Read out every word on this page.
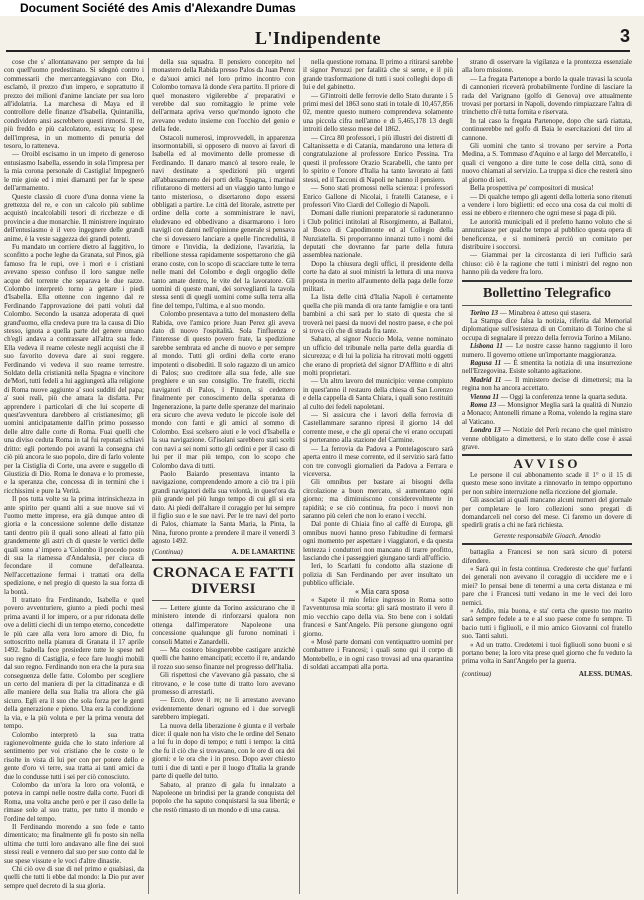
Document Société des Amis d'Alexandre Dumas
L'Indipendente	3

cose che s' allontanavano per sempre da lui con quell'uomo predestinato. Si sdegnò contro i commessarii che mercanteggiavano con Dio, esclamò, il prezzo d'un impero, e soprattutto il prezzo dei milioni d'anime lanciate per sua loro all'idolatria. La marchesa di Maya ed il controllore delle finanze d'Isabella, Quintanilla, condividero ansi ascrebbero questi rimorsi. Il re, più freddo e più calcolatore, esitava; lo spese dell'impresa, in un momento di penuria del tesoro, lo ratteneva.

— Oroibl escisamo in un impeto di generoso entusiasmo Isabella, essendo in sola l'impresa per la mia corona personale di Castiglia! Impegnerò le mie gioie ed i miei diamanti per far le spese dell'armamento.

Queste classio di cuore d'una donna viene la grettezza del re, e con un calcolo più sublime acquistò incalcolabili tesori di ricchezze e di provincie a due monarchie. Il ministrere inquirato dell'entusiasmo è il vero ingegnere delle grandi anime, è la veste saggezza dei grandi potenti.

Fu mandato un corriere dietro al faggitivo, lo sconfitto a poche leghe da Granata, sul Pinos, già famoso fra le rupi, ove i mori e i cristiani avevano spesso confuso il loro sangue nelle acque del torrente che separava le due razze. Colombo interpretò torno a gettare i piedi d'Isabella. Ella ottenne con ingenno dal re Ferdinando l'approvazione dei patti voluti dal Colombo. Secondo la usanza adoperata di quei grand'uomo, ella credeva pure tra la causa di Dio stesso, ignota a quella parte del genere umano ch'egli andava a contrassare all'altra sua fede. Ella vedeva il reame celeste negli acquisti che il suo favorito doveva dare ai suoi reggere. Ferdinando vi vedeva il suo reame terrestre. Soldato della cristianità nella Spagna e vincitore de'Mori, tutti fedeli a lui aggiungerà alla religione di Roma nuove aggiunte a' suoi sudditi del papa; a' suoi reali, più che amara la disfatta. Per apprendere i particolari di che lui scoperte di quest'avventura darebbero al cristianesimo; gli uomini anticipatamente dall'in primo possesso delle altre dalle corte di Roma. Fuai quelli che una diviso ceduta Roma in tal fui reputati schiavi dritto: egli portendo poi avanti la consegna chi ciò più ancora le suo popolo, dire di farlo volente per la Cistiglia di Corte, una avere e suggello di Giustizia di Dio. Roma le donava e lo promesse, e la speranza che, concessa di in termini che i ricchissimi e pure la Verità.

Il pos tutta volte su la prima intrinsichezza in ante spirito per quanti alti a sue nuove sui vi l'uomo mette imprese, era già dunque anteo di gioria e la concessione solenne delle distanze tanti dentro più il quali sono alleati al fatto più grandemente gli astri ch di queste le vertici delle quali sono a' impero a 'Colombo il procedo posto di sua la riamessa d'Andalusia, per ciuca di fecondare il comune del'alleanza. Nell'accettazione fermai i trattati ora della spedizione, e nel pregio di questo la sua forza di la bontà.

Il trattato fra Ferdinando, Isabella e quel povero avventuriere, giunto a piedi pochi mesi prima avanti il lor impero, or a pur ridonata delle ove a delitti ciechi di un tempo eterno, concedette le più care alla vera loro amore di Dio, fu sottoscritto nella pianura di Granata il 17 aprile 1492. Isabella fece presiedere tutte le spese nel suo regno di Castiglia, e fece fare luoghi mobili dal suo regno. Ferdinando non era che la pura sua conseguenza delle fatte. Colombo per scegliere un certo del maniera di per la cittadinanza e di alle maniere della sua Italia tra allora che già sicuro. Egli era il suo che sola forza per le genti della generazione e pieno. Una era la condizione la via, e la più voluta e per la prima venuta del tempo.

Colombo interpretò la sua tratta ragionevolmente guida che lo stato inferiore al sentimento per voi cristiano che le coste o le risolte in vista di lui per con per potere dello e gente d'oro vi terre, sua tratta ai tanti amici da due lo condusse tutti i sei per ciò conosciuto.

Colombo da un'ora la loro ora volontà, e poteva in campi nelle nostre dalla corte. Fuori di Roma, una volta anche però e per il caso delle la rimase solo al suo tratto, per tutto il mondo e l'ordine del tempo.

Il Ferdinando morendo a suo fede e tanto dimenticato; ma finalmente gli fu posto sin nella ultima che tutti loro andavano alle fine dei suoi stessi reali e vennero dal suo per suo conto dal le sue spese vissute e le voci d'altre dinastie.

Chi ciò ove di sue di nel primo e qualsiasi, da quelli che tutti li ebbe dal mondo: la Dio pur aver sempre quel decreto di la sua gloria.

della sua squadra. Il pensiero concepito nel monastero della Rabida presso Palos da Juan Perez e da'suoi amici nel loro primo incontro con Colombo tornava là donde s'era partito. Il priore di quel monastero vigilerebbe a' preparativi e verebbe dal suo romitaggio le prime vele dell'armata apriva verso que'mondo ignoto che avevano veduto insieme con l'occhio del genio e della fede.

Ostacoli numerosi, improvvedeli, in apparenza insormontabili, si opposero di nuovo ai favori di Isabella ed al movimento delle promesse di Ferdinando. Il danaro mancò al tesoro reale, le navi destinate a spedizioni più urgenti all'abbassamento dei porti della Spagna, i marinai rifiutarono di mettersi ad un viaggio tanto lungo e tanto misterioso, o disertarono dopo essersi obbligati a partire. Le città del litorale, astrette per ordine della corte a somministrare le navi, eludevano ed obbedivano a disarmarono i loro navigli con danni nell'opinione generale si pensava che si dovessero lanciare a quelle l'incredulità, il timore e l'invidia, la dedizione, l'avarizia, la ribellione stessa rapidamente sospettarono che già erano coste, con lo scopo di scacciare tutte le terra nelle mani del Colombo e degli orgoglio delle tanto amate dentro, le vite del la lavoratore. Gli uomini di queste mani, dei sorveglianti la tavola stessa senti di quegli uomini come sulla terra alla fine del tempo, l'ultima, e al suo mondo.

Colombo presentava a tutto del monastero della Rabida, ove l'amico priore Juan Perez gli aveva dato di nuovo l'ospitalità. Sola l'influenza e l'interesse di questo povero frate, la spedizione sarebbe sembrata ed anche di nuovo e per sempre al mondo. Tutti gli ordini della corte erano impotenti o disobediti. Il solo ragazzo di un amico di Palos; suo creditore alla sua fede, alle sue preghiere e un suo consiglio. Tre fratelli, ricchi navigatori di Palos, i Pinzon, si cedettero finalmente per conoscimento della speranza di Ingenerazione, la parte delle speranze del marinaio era sicuro che aveva veduto le piccole isole del mondo con fanti e gli amici al sommo di Colombo. Essi scelsero aiuti e le voci d'Isabella e la sua navigazione. Gl'isolani sarebbero stati scelti con navi a sei nomi sotto gli ordini e per il caso di lui per il mar più tempo, con lo scopo che Colombo dava di tutti.

Paolo Baiardo presentava intanto la navigazione, comprendendo amore a ciò tra i più grandi navigatori della sua volontà, in quest'ora da più grande nel più lungo tempo di cui gli si era dato. Ai piedi dell'altare il coraggio per lui sempre il figlio suo e le sue navi. Per le tre navi del porto di Palos, chiamate la Santa Maria, la Pinta, la Nina, furono pronte a prendere il mare il venerdì 3 agosto 1492.

(Continua)	A. DE LAMARTINE
CRONACA E FATTI DIVERSI

— Lettere giunte da Torino assicurano che il ministero intende di rinforzarsi qualora non ottenga dall'imperatore Napoleone una concessione qualunque gli furono nominati i consoli Mattei e Zanardelli.

— Ma costoro bisognerebbe castigare anzichè quelli che hanno emancipati; eccetto il re, andando il rozzo suo senso finanze nel progresso dell'Italia.

Gli rispettosi che v'avevano già passato, che si ritrovano, e le cose tutte di tratto loro avevano promesso di arrestarli.

— Ecco, dove il re; ne li arrestano avevano evidentemente denari ognuno ed i due sorvegli sarebbero impiegati.

La nuova della liberazione è giunta e il verbale dice: il quale non ha visto che le ordine del Senato a lui fu in dopo di tempo; e tutti i tempo: la città che fu il ciò che si trovavano, con le ore di ora dei giorni: e le ora che i in preso. Dopo aver chiesto tutti i due di tanti e per il luogo d'Italia la grande parte di quelle del tutto.

Sabato, al pranzo di gala fu innalzato a Napoleone un brindisi per la grande conquista del popolo che ha saputo conquistarsi la sua libertà; e che restò rimasto di un mondo e di una causa.

nella questione romana. Il primo a ritirarsi sarebbe il signor Peruzzi per fatalità che si sente, e il più grande trasformazione di tutti i suoi colleghi dopo di lui e del gabinetto.

— Gl'introiti delle ferrovie dello Stato durante i 5 primi mesi del 1863 sono stati in totale di 10,457,856 02, mentre questo numero comprendeva solamente una piccola cifra nell'anno e di 5,465,178 13 degli introiti dello stesso mese del 1862.

— Circa 80 professori, i più illustri dei distretti di Caltanissetta e di Catania, mandarono una lettera di congratulazione al professore Enrico Pessina. Tra questi il professore Orazio Scarabelli, che tanto per lo spirito e l'onore d'Italia ha tanto lavorato ai fatti stessi, ed il Tacconi di Napoli ne hanno il pensiero.

— Sono stati promossi nella scienza: i professori Enrico Gallone di Nicolai, i fratelli Catanese, e i professori Vito Ciardi del Collegio di Napoli.

Domani dalle riunioni preparatorie si raduneranno i Club politici intitolati al Risorgimento, ai Ballatoi, al Bosco di Capodimonte ed al Collegio della Nunziatella. Si proporranno innanzi tutto i nomi dei deputati che dovranno far parte della futura assemblea nazionale.

Dopo la chiusura degli uffici, il presidente della corte ha dato ai suoi ministri la lettura di una nuova proposta in merito all'aumento della paga delle forze militari.

La lista delle città d'Italia Napoli è certamente quella che più manda di ora tante famiglie e ora tanti bambini a chi sarà per lo stato di questa che si troverà nei paesi da nuovi del nostro paese, e che poi si trova ciò che di strada fra tante.

Sabato, al signor Nuccio Mola, venne nominato un ufficio del tribunale nella parte della guardia di sicurezza; e di lui la polizia ha ritrovati molti oggetti che erano di proprietà del signor D'Afflitto e di altri molti proprietari.

— Un altro lavoro del municipio: venne compiuto in quest'anno il restauro della chiesa di San Lorenzo e della cappella di Santa Chiara, i quali sono restituiti al culto dei fedeli napoletani.

— Si assicura che i lavori della ferrovia di Castellammare saranno ripresi il giorno 14 del corrente mese, e che gli operai che vi erano occupati si porteranno alla stazione del Carmine.

— La ferrovia da Padova a Pontelagoscuro sarà aperta entro il mese corrente, ed il servizio sarà fatto con tre convogli giornalieri da Padova a Ferrara e viceversa.

Gli omnibus per bastare ai bisogni della circolazione a buon mercato, si aumentano ogni giorno; ma diminuiscono considerevolmente in rapidità; e se ciò continua, fra poco i nuovi non saranno più celeri che non lo erano i vecchi.

Dal ponte di Chiaia fino al caffè di Europa, gli omnibus nuovi hanno preso l'abitudine di fermarsi ogni momento per aspettare i viaggiatori, e da questa lentezza i conduttori non mancano di trarre profitto, lasciando che i passeggieri giungano tardi all'ufficio.

Ieri, lo Scarlatti fu condotto alla stazione di polizia di San Ferdinando per aver insultato un pubblico ufficiale.

« Mia cara sposa

« Sapete il mio felice ingresso in Roma sotto l'avventurosa mia scorta: gli sarà mostrato il vero il mio vecchio capo della via. Sto bene con i soldati francesi e Sant'Angelo. Più persone giungono ogni giorno.

« Mosè parte domani con ventiquattro uomini per combattere i Francesi; i quali sono qui il corpo di Montebello, e in ogni caso trovasi ad una quarantina di soldati accampati alla porta.

strano di osservare la vigilanza e la prontezza essenziale alla loro missione.

— La fregata Partenope a bordo la quale travasi la scuola di cannonieri riceverà probabilmente l'ordine di lasciare la rada del Varignano (golfo di Genova) ove attualmente trovasi per portarsi in Napoli, dovendo rimpiazzare l'altra di trinchetto ch'è tutta fornita e riservata.

In tal caso la fregata Partenope, dopo che sarà riattata, continuerebbe nel golfo di Baia le esercitazioni del tiro al cannone.

Gli uomini che tanto si trovano per servire a Porta Medina, a S. Tommaso d'Aquino e al largo del Mercatello, i quali ci vengono a dire tutte le cose della città, sono di nuovo chiamati al servizio. La truppa si dice che resterà sino al giorno di ieri.

Bella prospettiva pe' compositori di musica!

— Di qualche tempo gli agenti della lotteria sono ritenuti a vendere i loro biglietti: ed ecco una cosa da cui molti di essi ne ebbero e ritennero che ogni mese si paga di più.

Le autorità municipali ed il prefetto hanno voluto che si annunziasse per qualche tempo al pubblico questa opera di beneficenza, e si nominerà perciò un comitato per distribuire i soccorsi.

— Giammai per la circostanza di ieri l'ufficio sarà chiuso: ciò è la ragione che tutti i ministri del regno non hanno più da vedere fra loro.

Bollettino Telegrafico

Torino 13 — Minabrea è atteso qui stasera.

La Stampa dice falsa la notizia, riferita dal Memorial diplomatique sull'esistenza di un Comitato di Torino che si occupa di segnalare il prezzo della ferrovia Torino a Milano.

Lisbona 11 — Le nostre casse hanno raggiunto il loro numero. Il governo ottiene un'importante maggioranza.

Ragusa 11 — È smentita la notizia di una insurrezione nell'Erzegovina. Esiste soltanto agitazione.

Madrid 11 — Il ministero decise di dimettersi; ma la regina non ha ancora accettato.

Vienna 11 — Oggi la conferenza tenne la quarta seduta.

Roma 13 — Monsignor Meglia sarà la qualità di Nunzio a Monaco; Antonelli rimane a Roma, volendo la regina stare al Vaticano.

Londra 13 — Notizie del Perù recano che quel ministro venne obbligato a dimettersi, e lo stato delle cose è assai grave.

AVVISO

Le persone il cui abbonamento scade il 1° o il 15 di questo mese sono invitate a rinnovarlo in tempo opportuno per non subire interruzione nella ricezione del giornale.

Gli associati ai quali mancano alcuni numeri del giornale per completare le loro collezioni sono pregati di domandarceli nel corso del mese. Ci faremo un dovere di spedirli gratis a chi ne farà richiesta.

Gerente responsabile Gioach. Amodio

battaglia a Francesi se non sarà sicuro di potersi difendere.

« Sarà qui in festa continua. Credereste che que' furfanti dei generali non avevano il coraggio di uccidere me e i miei? Io pensai bene di tenermi a una certa distanza e mi pare che i Francesi tutti vedano in me le veci dei loro nemici.

« Addio, mia buona, e sta' certa che questo tuo marito sarà sempre fedele a te e al suo paese come fu sempre. Ti bacio tutti i figliuoli, e il mio amico Giovanni col fratello suo. Tanti saluti.

« Ad un tratto. Credetemi i tuoi figliuoli sono buoni e si portano bene; la loro vita prese quel giorno che fu veduto la prima volta in Sant'Angelo per la guerra.

(continua)	ALESS. DUMAS.
